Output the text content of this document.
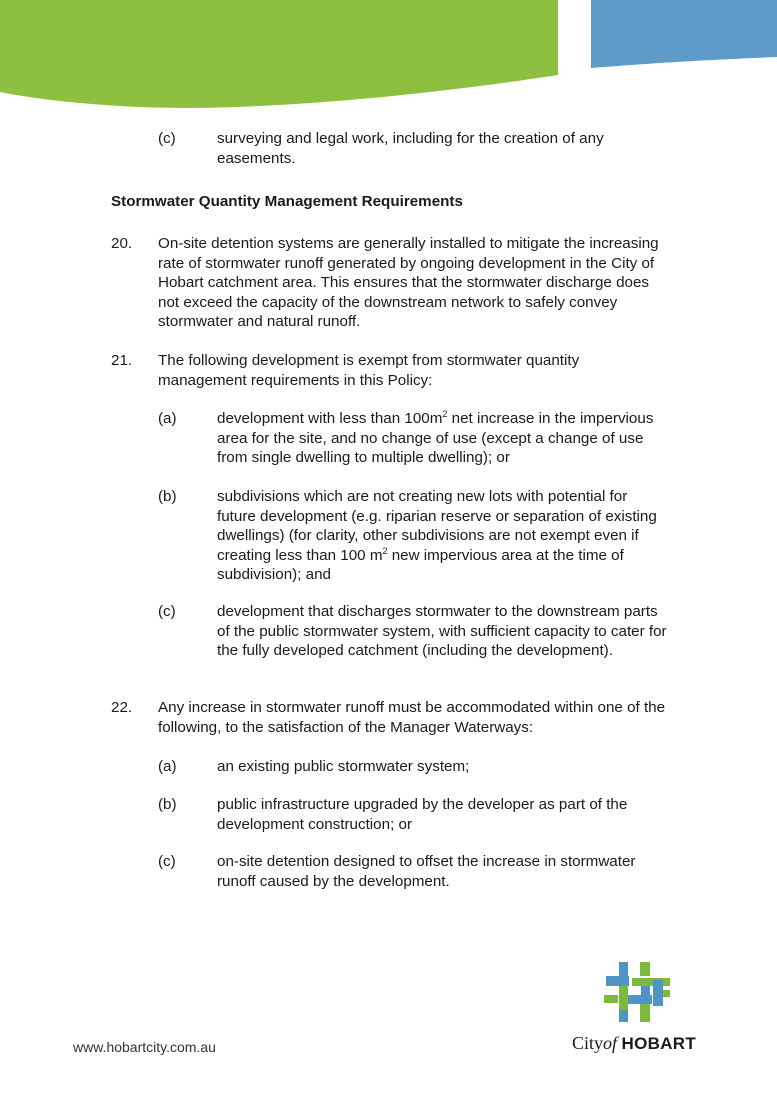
(c)	surveying and legal work, including for the creation of any easements.
Stormwater Quantity Management Requirements
20. On-site detention systems are generally installed to mitigate the increasing rate of stormwater runoff generated by ongoing development in the City of Hobart catchment area. This ensures that the stormwater discharge does not exceed the capacity of the downstream network to safely convey stormwater and natural runoff.
21. The following development is exempt from stormwater quantity management requirements in this Policy:
(a)	development with less than $100m^2$ net increase in the impervious area for the site, and no change of use (except a change of use from single dwelling to multiple dwelling); or
(b)	subdivisions which are not creating new lots with potential for future development (e.g. riparian reserve or separation of existing dwellings) (for clarity, other subdivisions are not exempt even if creating less than 100 $m^2$ new impervious area at the time of subdivision); and
(c)	development that discharges stormwater to the downstream parts of the public stormwater system, with sufficient capacity to cater for the fully developed catchment (including the development).
22. Any increase in stormwater runoff must be accommodated within one of the following, to the satisfaction of the Manager Waterways:
(a)	an existing public stormwater system;
(b)	public infrastructure upgraded by the developer as part of the development construction; or
(c)	on-site detention designed to offset the increase in stormwater runoff caused by the development.
www.hobartcity.com.au	Cityof HOBART
